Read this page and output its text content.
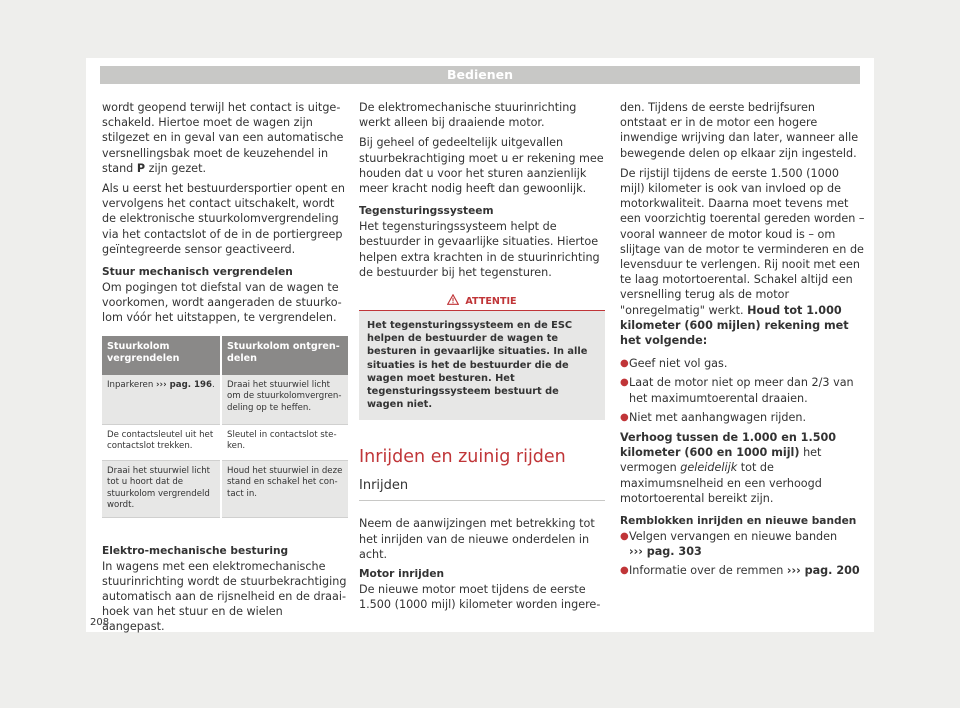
Bedienen

wordt geopend terwijl het contact is uitgeschakeld. Hiertoe moet de wagen zijn stilgezet en in geval van een automatische versnellingsbak moet de keuzehendel in stand P zijn gezet.

Als u eerst het bestuurdersportier opent en vervolgens het contact uitschakelt, wordt de elektronische stuurkolomvergrendeling via het contactslot of de in de portiergreep geïntegreerde sensor geactiveerd.

Stuur mechanisch vergrendelen

Om pogingen tot diefstal van de wagen te voorkomen, wordt aangeraden de stuurkolom vóór het uitstappen, te vergrendelen.

Stuurkolom vergrendelen	Stuurkolom ontgrendelen
Inparkeren ››› pag. 196.	Draai het stuurwiel licht om de stuurkolomvergrendeling op te heffen.
De contactsleutel uit het contactslot trekken.	Sleutel in contactslot steken.
Draai het stuurwiel licht tot u hoort dat de stuurkolom vergrendeld wordt.	Houd het stuurwiel in deze stand en schakel het contact in.

Elektro-mechanische besturing

In wagens met een elektromechanische stuurinrichting wordt de stuurbekrachtiging automatisch aan de rijsnelheid en de draaihoek van het stuur en de wielen aangepast.

De elektromechanische stuurinrichting werkt alleen bij draaiende motor.

Bij geheel of gedeeltelijk uitgevallen stuurbekrachtiging moet u er rekening mee houden dat u voor het sturen aanzienlijk meer kracht nodig heeft dan gewoonlijk.

Tegensturingssysteem

Het tegensturingssysteem helpt de bestuurder in gevaarlijke situaties. Hiertoe helpen extra krachten in de stuurinrichting de bestuurder bij het tegensturen.

ATTENTIE
Het tegensturingssysteem en de ESC helpen de bestuurder de wagen te besturen in gevaarlijke situaties. In alle situaties is het de bestuurder die de wagen moet besturen. Het tegensturingssysteem bestuurt de wagen niet.
Inrijden en zuinig rijden
Inrijden

Neem de aanwijzingen met betrekking tot het inrijden van de nieuwe onderdelen in acht.

Motor inrijden

De nieuwe motor moet tijdens de eerste 1.500 (1000 mijl) kilometer worden ingere-

den. Tijdens de eerste bedrijfsuren ontstaat er in de motor een hogere inwendige wrijving dan later, wanneer alle bewegende delen op elkaar zijn ingesteld.

De rijstijl tijdens de eerste 1.500 (1000 mijl) kilometer is ook van invloed op de motorkwaliteit. Daarna moet tevens met een voorzichtig toerental gereden worden – vooral wanneer de motor koud is – om slijtage van de motor te verminderen en de levensduur te verlengen. Rij nooit met een te laag motortoerental. Schakel altijd een versnelling terug als de motor "onregelmatig" werkt. Houd tot 1.000 kilometer (600 mijlen) rekening met het volgende:

● Geef niet vol gas.
● Laat de motor niet op meer dan 2/3 van het maximumtoerental draaien.
● Niet met aanhangwagen rijden.

Verhoog tussen de 1.000 en 1.500 kilometer (600 en 1000 mijl) het vermogen geleidelijk tot de maximumsnelheid en een verhoogd motortoerental bereikt zijn.

Remblokken inrijden en nieuwe banden

● Velgen vervangen en nieuwe banden
››› pag. 303
● Informatie over de remmen ››› pag. 200
208
